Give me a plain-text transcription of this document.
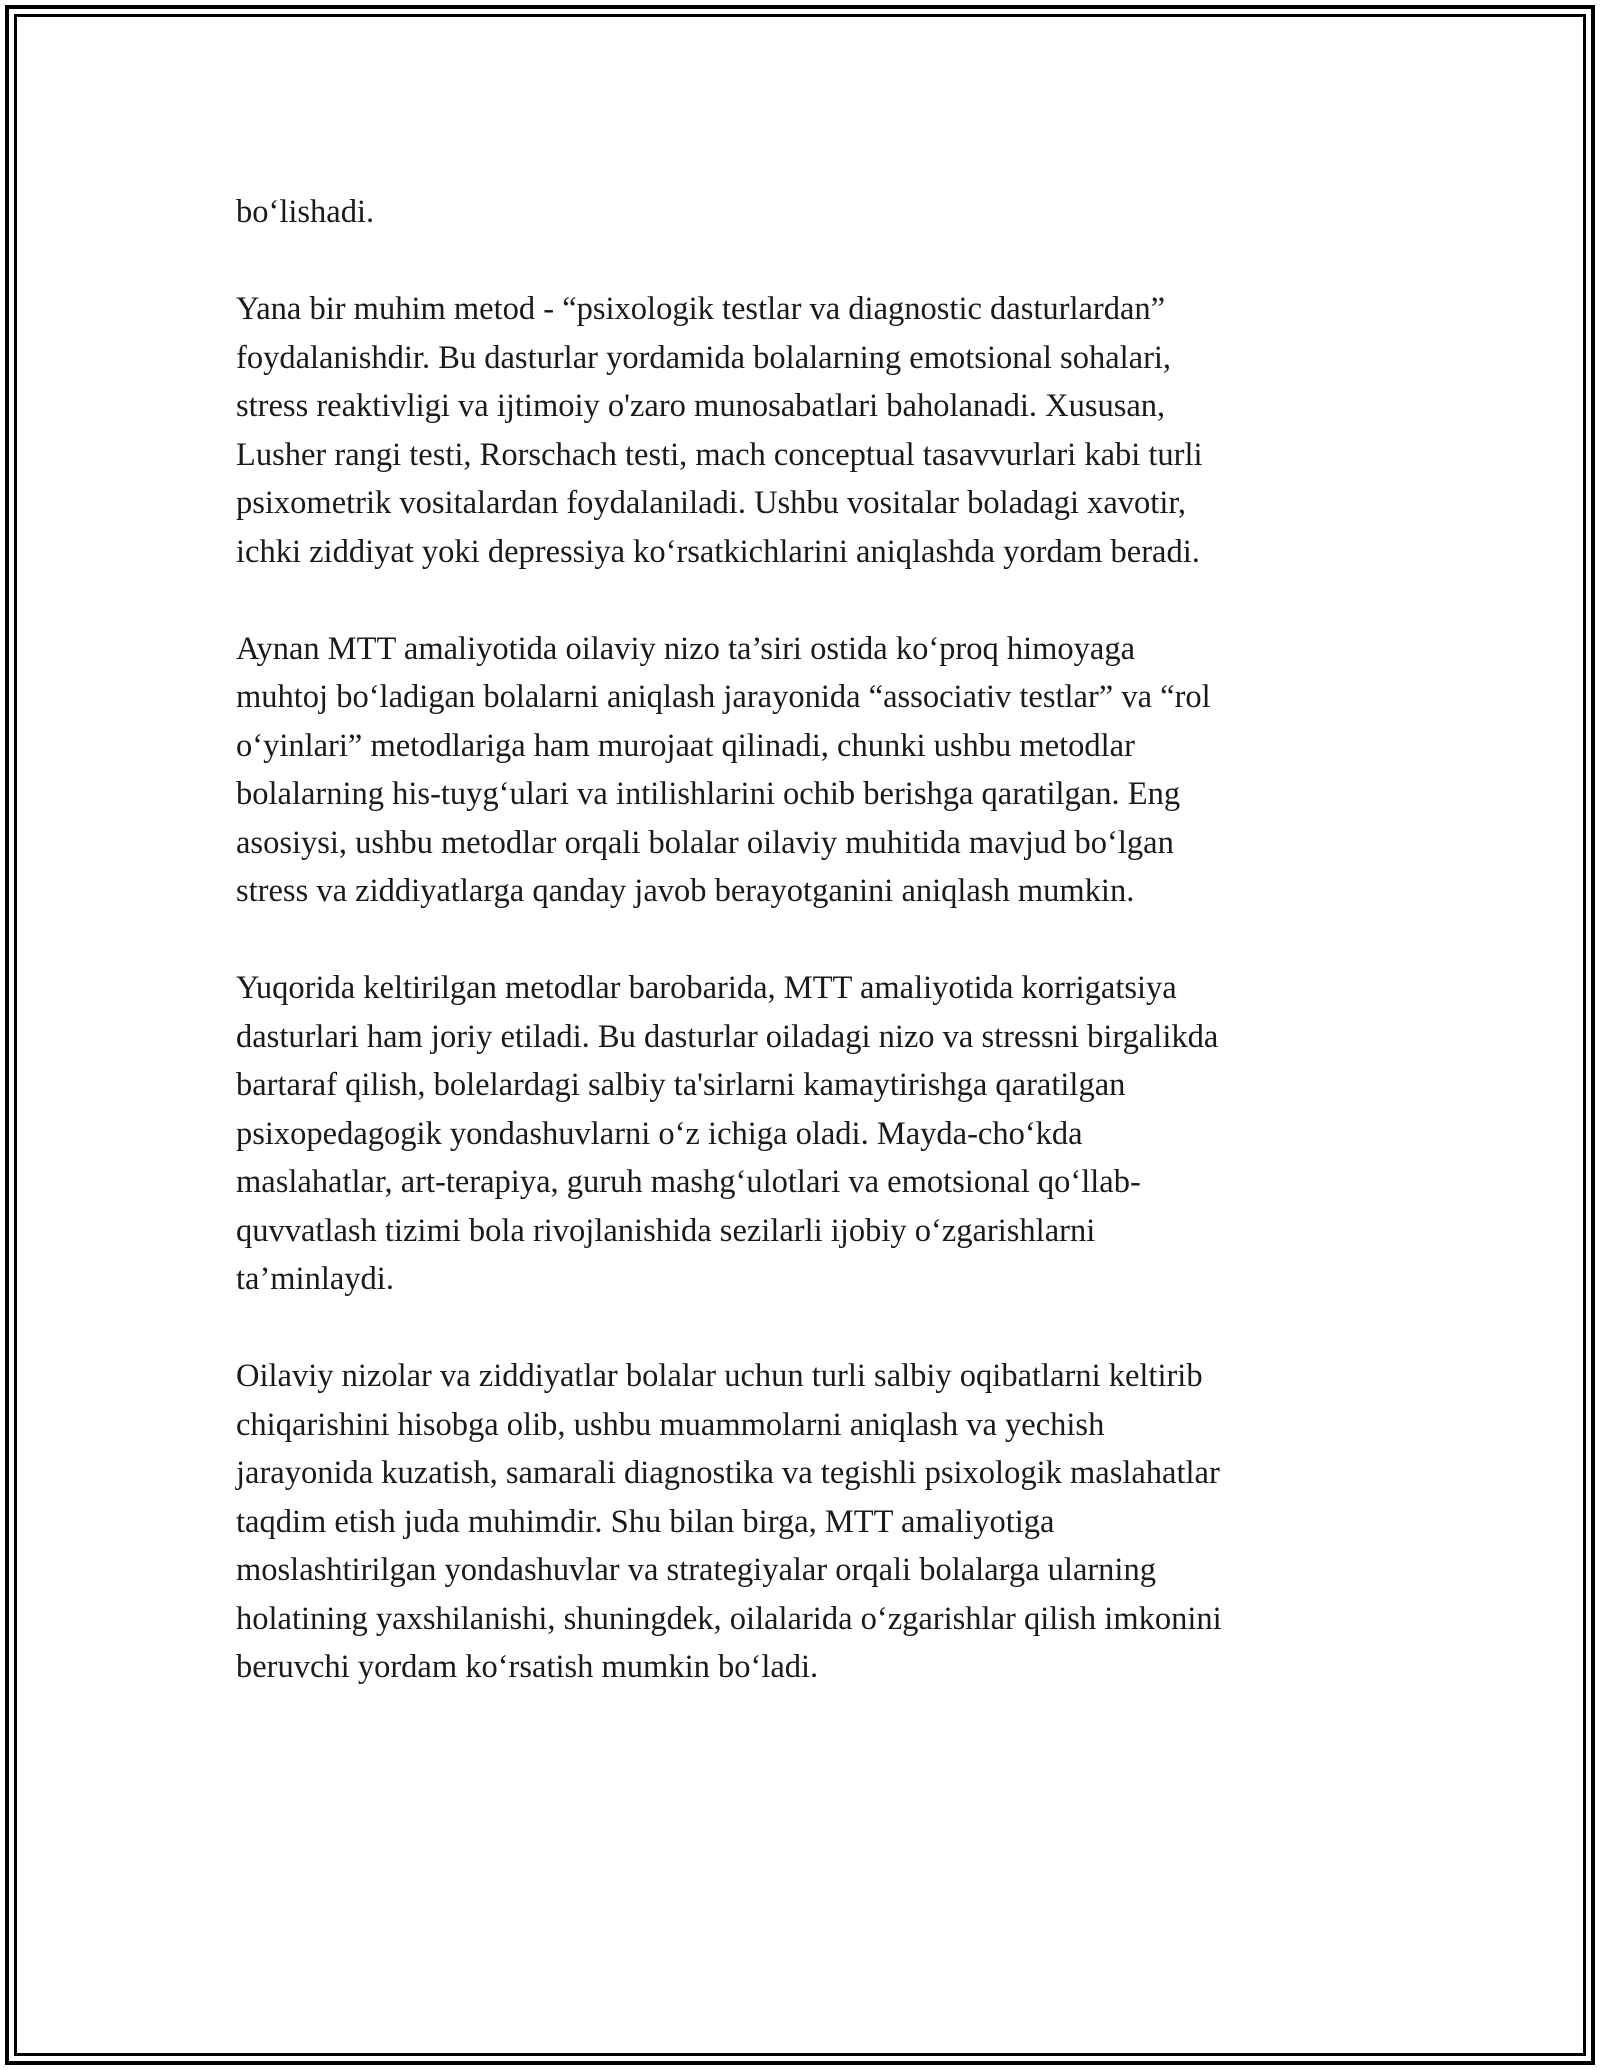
bo‘lishadi.

Yana bir muhim metod - “psixologik testlar va diagnostic dasturlardan”
foydalanishdir. Bu dasturlar yordamida bolalarning emotsional sohalari,
stress reaktivligi va ijtimoiy o'zaro munosabatlari baholanadi. Xususan,
Lusher rangi testi, Rorschach testi, mach conceptual tasavvurlari kabi turli
psixometrik vositalardan foydalaniladi. Ushbu vositalar boladagi xavotir,
ichki ziddiyat yoki depressiya ko‘rsatkichlarini aniqlashda yordam beradi.

Aynan MTT amaliyotida oilaviy nizo ta’siri ostida ko‘proq himoyaga
muhtoj bo‘ladigan bolalarni aniqlash jarayonida “associativ testlar” va “rol
o‘yinlari” metodlariga ham murojaat qilinadi, chunki ushbu metodlar
bolalarning his-tuyg‘ulari va intilishlarini ochib berishga qaratilgan. Eng
asosiysi, ushbu metodlar orqali bolalar oilaviy muhitida mavjud bo‘lgan
stress va ziddiyatlarga qanday javob berayotganini aniqlash mumkin.

Yuqorida keltirilgan metodlar barobarida, MTT amaliyotida korrigatsiya
dasturlari ham joriy etiladi. Bu dasturlar oiladagi nizo va stressni birgalikda
bartaraf qilish, bolelardagi salbiy ta'sirlarni kamaytirishga qaratilgan
psixopedagogik yondashuvlarni o‘z ichiga oladi. Mayda-cho‘kda
maslahatlar, art-terapiya, guruh mashg‘ulotlari va emotsional qo‘llab-
quvvatlash tizimi bola rivojlanishida sezilarli ijobiy o‘zgarishlarni
ta’minlaydi.

Oilaviy nizolar va ziddiyatlar bolalar uchun turli salbiy oqibatlarni keltirib
chiqarishini hisobga olib, ushbu muammolarni aniqlash va yechish
jarayonida kuzatish, samarali diagnostika va tegishli psixologik maslahatlar
taqdim etish juda muhimdir. Shu bilan birga, MTT amaliyotiga
moslashtirilgan yondashuvlar va strategiyalar orqali bolalarga ularning
holatining yaxshilanishi, shuningdek, oilalarida o‘zgarishlar qilish imkonini
beruvchi yordam ko‘rsatish mumkin bo‘ladi.
